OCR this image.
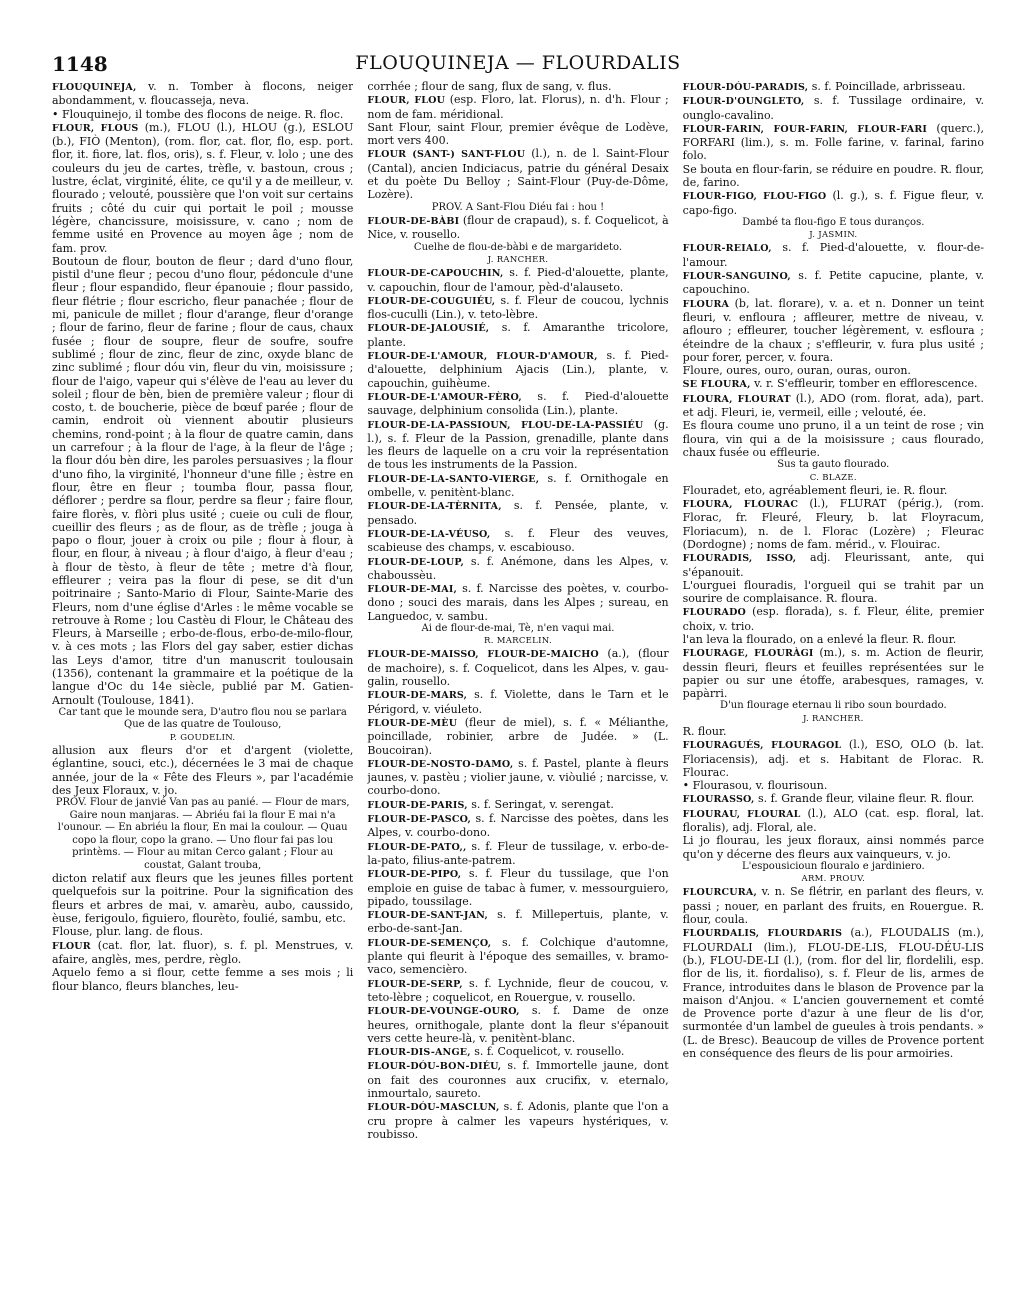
1148	FLOUQUINEJA — FLOURDALIS

FLOUQUINEJA, v. n. Tomber à flocons, neiger abondamment, v. floucasseja, neva.

• Flouquinejo, il tombe des flocons de neige. R. floc.

FLOUR, FLOUS (m.), FLOU (l.), HLOU (g.), ESLOU (b.), FIÒ (Menton), (rom. flor, cat. flor, flo, esp. port. flor, it. fiore, lat. flos, oris), s. f. Fleur, v. lolo ; une des couleurs du jeu de cartes, trèfle, v. bastoun, crous ; lustre, éclat, virginité, élite, ce qu'il y a de meilleur, v. flourado ; velouté, poussière que l'on voit sur certains fruits ; côté du cuir qui portait le poil ; mousse légère, chancissure, moisissure, v. cano ; nom de femme usité en Provence au moyen âge ; nom de fam. prov.

Boutoun de flour, bouton de fleur ; dard d'uno flour, pistil d'une fleur ; pecou d'uno flour, pédoncule d'une fleur ; flour espandido, fleur épanouie ; flour passido, fleur flétrie ; flour escricho, fleur panachée ; flour de mi, panicule de millet ; flour d'arange, fleur d'orange ; flour de farino, fleur de farine ; flour de caus, chaux fusée ; flour de soupre, fleur de soufre, soufre sublimé ; flour de zinc, fleur de zinc, oxyde blanc de zinc sublimé ; flour dóu vin, fleur du vin, moisissure ; flour de l'aigo, vapeur qui s'élève de l'eau au lever du soleil ; flour de bèn, bien de première valeur ; flour di costo, t. de boucherie, pièce de bœuf parée ; flour de camin, endroit où viennent aboutir plusieurs chemins, rond-point ; à la flour de quatre camin, dans un carrefour ; à la flour de l'age, à la fleur de l'âge ; la flour dóu bèn dire, les paroles persuasives ; la flour d'uno fiho, la virginité, l'honneur d'une fille ; èstre en flour, être en fleur ; toumba flour, passa flour, déflorer ; perdre sa flour, perdre sa fleur ; faire flour, faire florès, v. flòri plus usité ; cueie ou culi de flour, cueillir des fleurs ; as de flour, as de trèfle ; jouga à papo o flour, jouer à croix ou pile ; flour à flour, à flour, en flour, à niveau ; à flour d'aigo, à fleur d'eau ; à flour de tèsto, à fleur de tête ; metre d'à flour, effleurer ; veira pas la flour di pese, se dit d'un poitrinaire ; Santo-Mario di Flour, Sainte-Marie des Fleurs, nom d'une église d'Arles : le même vocable se retrouve à Rome ; lou Castèu di Flour, le Château des Fleurs, à Marseille ; erbo-de-flous, erbo-de-milo-flour, v. à ces mots ; las Flors del gay saber, estier dichas las Leys d'amor, titre d'un manuscrit toulousain (1356), contenant la grammaire et la poétique de la langue d'Oc du 14e siècle, publié par M. Gatien-Arnoult (Toulouse, 1841).

Car tant que le mounde sera, D'autro flou nou se parlara Que de las quatre de Toulouso,

P. GOUDELIN.

allusion aux fleurs d'or et d'argent (violette, églantine, souci, etc.), décernées le 3 mai de chaque année, jour de la « Fête des Fleurs », par l'académie des Jeux Floraux, v. jo.

PROV. Flour de janvié Van pas au panié. — Flour de mars, Gaire noun manjaras. — Abriéu fai la flour E mai n'a l'ounour. — En abriéu la flour, En mai la coulour. — Quau copo la flour, copo la grano. — Uno flour fai pas lou printèms. — Flour au mitan Cerco galant ; Flour au coustat, Galant trouba,

dicton relatif aux fleurs que les jeunes filles portent quelquefois sur la poitrine. Pour la signification des fleurs et arbres de mai, v. amarèu, aubo, caussido, èuse, ferigoulo, figuiero, flourèto, foulié, sambu, etc.

Flouse, plur. lang. de flous.

FLOUR (cat. flor, lat. fluor), s. f. pl. Menstrues, v. afaire, anglès, mes, perdre, règlo.

Aquelo femo a si flour, cette femme a ses mois ; li flour blanco, fleurs blanches, leu-

corrhée ; flour de sang, flux de sang, v. flus.

FLOUR, FLOU (esp. Floro, lat. Florus), n. d'h. Flour ; nom de fam. méridional.

Sant Flour, saint Flour, premier évêque de Lodève, mort vers 400.

FLOUR (SANT-) SANT-FLOU (l.), n. de l. Saint-Flour (Cantal), ancien Indiciacus, patrie du général Desaix et du poète Du Belloy ; Saint-Flour (Puy-de-Dôme, Lozère).

PROV. A Sant-Flou Diéu fai : hou !

FLOUR-DE-BÀBI (flour de crapaud), s. f. Coquelicot, à Nice, v. rousello.

Cuelhe de flou-de-bàbi e de margarideto.

J. RANCHER.

FLOUR-DE-CAPOUCHIN, s. f. Pied-d'alouette, plante, v. capouchin, flour de l'amour, pèd-d'alauseto.

FLOUR-DE-COUGUIÉU, s. f. Fleur de coucou, lychnis flos-cuculli (Lin.), v. teto-lèbre.

FLOUR-DE-JALOUSIÉ, s. f. Amaranthe tricolore, plante.

FLOUR-DE-L'AMOUR, FLOUR-D'AMOUR, s. f. Pied-d'alouette, delphinium Ajacis (Lin.), plante, v. capouchin, guihèume.

FLOUR-DE-L'AMOUR-FÈRO, s. f. Pied-d'alouette sauvage, delphinium consolida (Lin.), plante.

FLOUR-DE-LA-PASSIOUN, FLOU-DE-LA-PASSIÉU (g. l.), s. f. Fleur de la Passion, grenadille, plante dans les fleurs de laquelle on a cru voir la représentation de tous les instruments de la Passion.

FLOUR-DE-LA-SANTO-VIERGE, s. f. Ornithogale en ombelle, v. penitènt-blanc.

FLOUR-DE-LA-TÈRNITA, s. f. Pensée, plante, v. pensado.

FLOUR-DE-LA-VÉUSO, s. f. Fleur des veuves, scabieuse des champs, v. escabiouso.

FLOUR-DE-LOUP, s. f. Anémone, dans les Alpes, v. chaboussèu.

FLOUR-DE-MAI, s. f. Narcisse des poètes, v. courbo-dono ; souci des marais, dans les Alpes ; sureau, en Languedoc, v. sambu.

Ai de flour-de-mai, Tè, n'en vaqui mai.

R. MARCELIN.

FLOUR-DE-MAISSO, FLOUR-DE-MAICHO (a.), (flour de machoire), s. f. Coquelicot, dans les Alpes, v. gau-galin, rousello.

FLOUR-DE-MARS, s. f. Violette, dans le Tarn et le Périgord, v. viéuleto.

FLOUR-DE-MÈU (fleur de miel), s. f. « Mélianthe, poincillade, robinier, arbre de Judée. » (L. Boucoiran).

FLOUR-DE-NOSTO-DAMO, s. f. Pastel, plante à fleurs jaunes, v. pastèu ; violier jaune, v. viòulié ; narcisse, v. courbo-dono.

FLOUR-DE-PARIS, s. f. Seringat, v. serengat.

FLOUR-DE-PASCO, s. f. Narcisse des poètes, dans les Alpes, v. courbo-dono.

FLOUR-DE-PATO,, s. f. Fleur de tussilage, v. erbo-de-la-pato, filius-ante-patrem.

FLOUR-DE-PIPO, s. f. Fleur du tussilage, que l'on emploie en guise de tabac à fumer, v. messourguiero, pipado, toussilage.

FLOUR-DE-SANT-JAN, s. f. Millepertuis, plante, v. erbo-de-sant-Jan.

FLOUR-DE-SEMENÇO, s. f. Colchique d'automne, plante qui fleurit à l'époque des semailles, v. bramo-vaco, semencièro.

FLOUR-DE-SERP, s. f. Lychnide, fleur de coucou, v. teto-lèbre ; coquelicot, en Rouergue, v. rousello.

FLOUR-DE-VOUNGE-OURO, s. f. Dame de onze heures, ornithogale, plante dont la fleur s'épanouit vers cette heure-là, v. penitènt-blanc.

FLOUR-DIS-ANGE, s. f. Coquelicot, v. rousello.

FLOUR-DÓU-BON-DIÉU, s. f. Immortelle jaune, dont on fait des couronnes aux crucifix, v. eternalo, inmourtalo, saureto.

FLOUR-DÓU-MASCLUN, s. f. Adonis, plante que l'on a cru propre à calmer les vapeurs hystériques, v. roubisso.

FLOUR-DÓU-PARADIS, s. f. Poincillade, arbrisseau.

FLOUR-D'OUNGLETO, s. f. Tussilage ordinaire, v. ounglo-cavalino.

FLOUR-FARIN, FOUR-FARIN, FLOUR-FARI (querc.), FORFARI (lim.), s. m. Folle farine, v. farinal, farino folo.

Se bouta en flour-farin, se réduire en poudre. R. flour, de, farino.

FLOUR-FIGO, FLOU-FIGO (l. g.), s. f. Figue fleur, v. capo-figo.

Dambé ta flou-figo E tous duranços.

J. JASMIN.

FLOUR-REIALO, s. f. Pied-d'alouette, v. flour-de-l'amour.

FLOUR-SANGUINO, s. f. Petite capucine, plante, v. capouchino.

FLOURA (b, lat. florare), v. a. et n. Donner un teint fleuri, v. enfloura ; affleurer, mettre de niveau, v. aflouro ; effleurer, toucher légèrement, v. esfloura ; éteindre de la chaux ; s'effleurir, v. fura plus usité ; pour forer, percer, v. foura.

Floure, oures, ouro, ouran, ouras, ouron.

SE FLOURA, v. r. S'effleurir, tomber en efflorescence.

FLOURA, FLOURAT (l.), ADO (rom. florat, ada), part. et adj. Fleuri, ie, vermeil, eille ; velouté, ée.

Es floura coume uno pruno, il a un teint de rose ; vin floura, vin qui a de la moisissure ; caus flourado, chaux fusée ou effleurie.

Sus ta gauto flourado.

C. BLAZE.

Flouradet, eto, agréablement fleuri, ie. R. flour.

FLOURA, FLOURAC (l.), FLURAT (périg.), (rom. Florac, fr. Fleuré, Fleury, b. lat Floyracum, Floriacum), n. de l. Florac (Lozère) ; Fleurac (Dordogne) ; noms de fam. mérid., v. Flouirac.

FLOURADIS, ISSO, adj. Fleurissant, ante, qui s'épanouit.

L'ourguei flouradis, l'orgueil qui se trahit par un sourire de complaisance. R. floura.

FLOURADO (esp. florada), s. f. Fleur, élite, premier choix, v. trio.

l'an leva la flourado, on a enlevé la fleur. R. flour.

FLOURAGE, FLOURÀGI (m.), s. m. Action de fleurir, dessin fleuri, fleurs et feuilles représentées sur le papier ou sur une étoffe, arabesques, ramages, v. papàrri.

D'un flourage eternau li ribo soun bourdado.

J. RANCHER.

R. flour.

FLOURAGUÉS, FLOURAGOL (l.), ESO, OLO (b. lat. Floriacensis), adj. et s. Habitant de Florac. R. Flourac.

• Flourasou, v. flourisoun.

FLOURASSO, s. f. Grande fleur, vilaine fleur. R. flour.

FLOURAU, FLOURAL (l.), ALO (cat. esp. floral, lat. floralis), adj. Floral, ale.

Li jo flourau, les jeux floraux, ainsi nommés parce qu'on y décerne des fleurs aux vainqueurs, v. jo.

L'espousicioun flouralo e jardiniero.

ARM. PROUV.

FLOURCURA, v. n. Se flétrir, en parlant des fleurs, v. passi ; nouer, en parlant des fruits, en Rouergue. R. flour, coula.

FLOURDALIS, FLOURDARIS (a.), FLOUDALIS (m.), FLOURDALI (lim.), FLOU-DE-LIS, FLOU-DÉU-LIS (b.), FLOU-DE-LI (l.), (rom. flor del lir, flordelili, esp. flor de lis, it. fiordaliso), s. f. Fleur de lis, armes de France, introduites dans le blason de Provence par la maison d'Anjou. « L'ancien gouvernement et comté de Provence porte d'azur à une fleur de lis d'or, surmontée d'un lambel de gueules à trois pendants. » (L. de Bresc). Beaucoup de villes de Provence portent en conséquence des fleurs de lis pour armoiries.
